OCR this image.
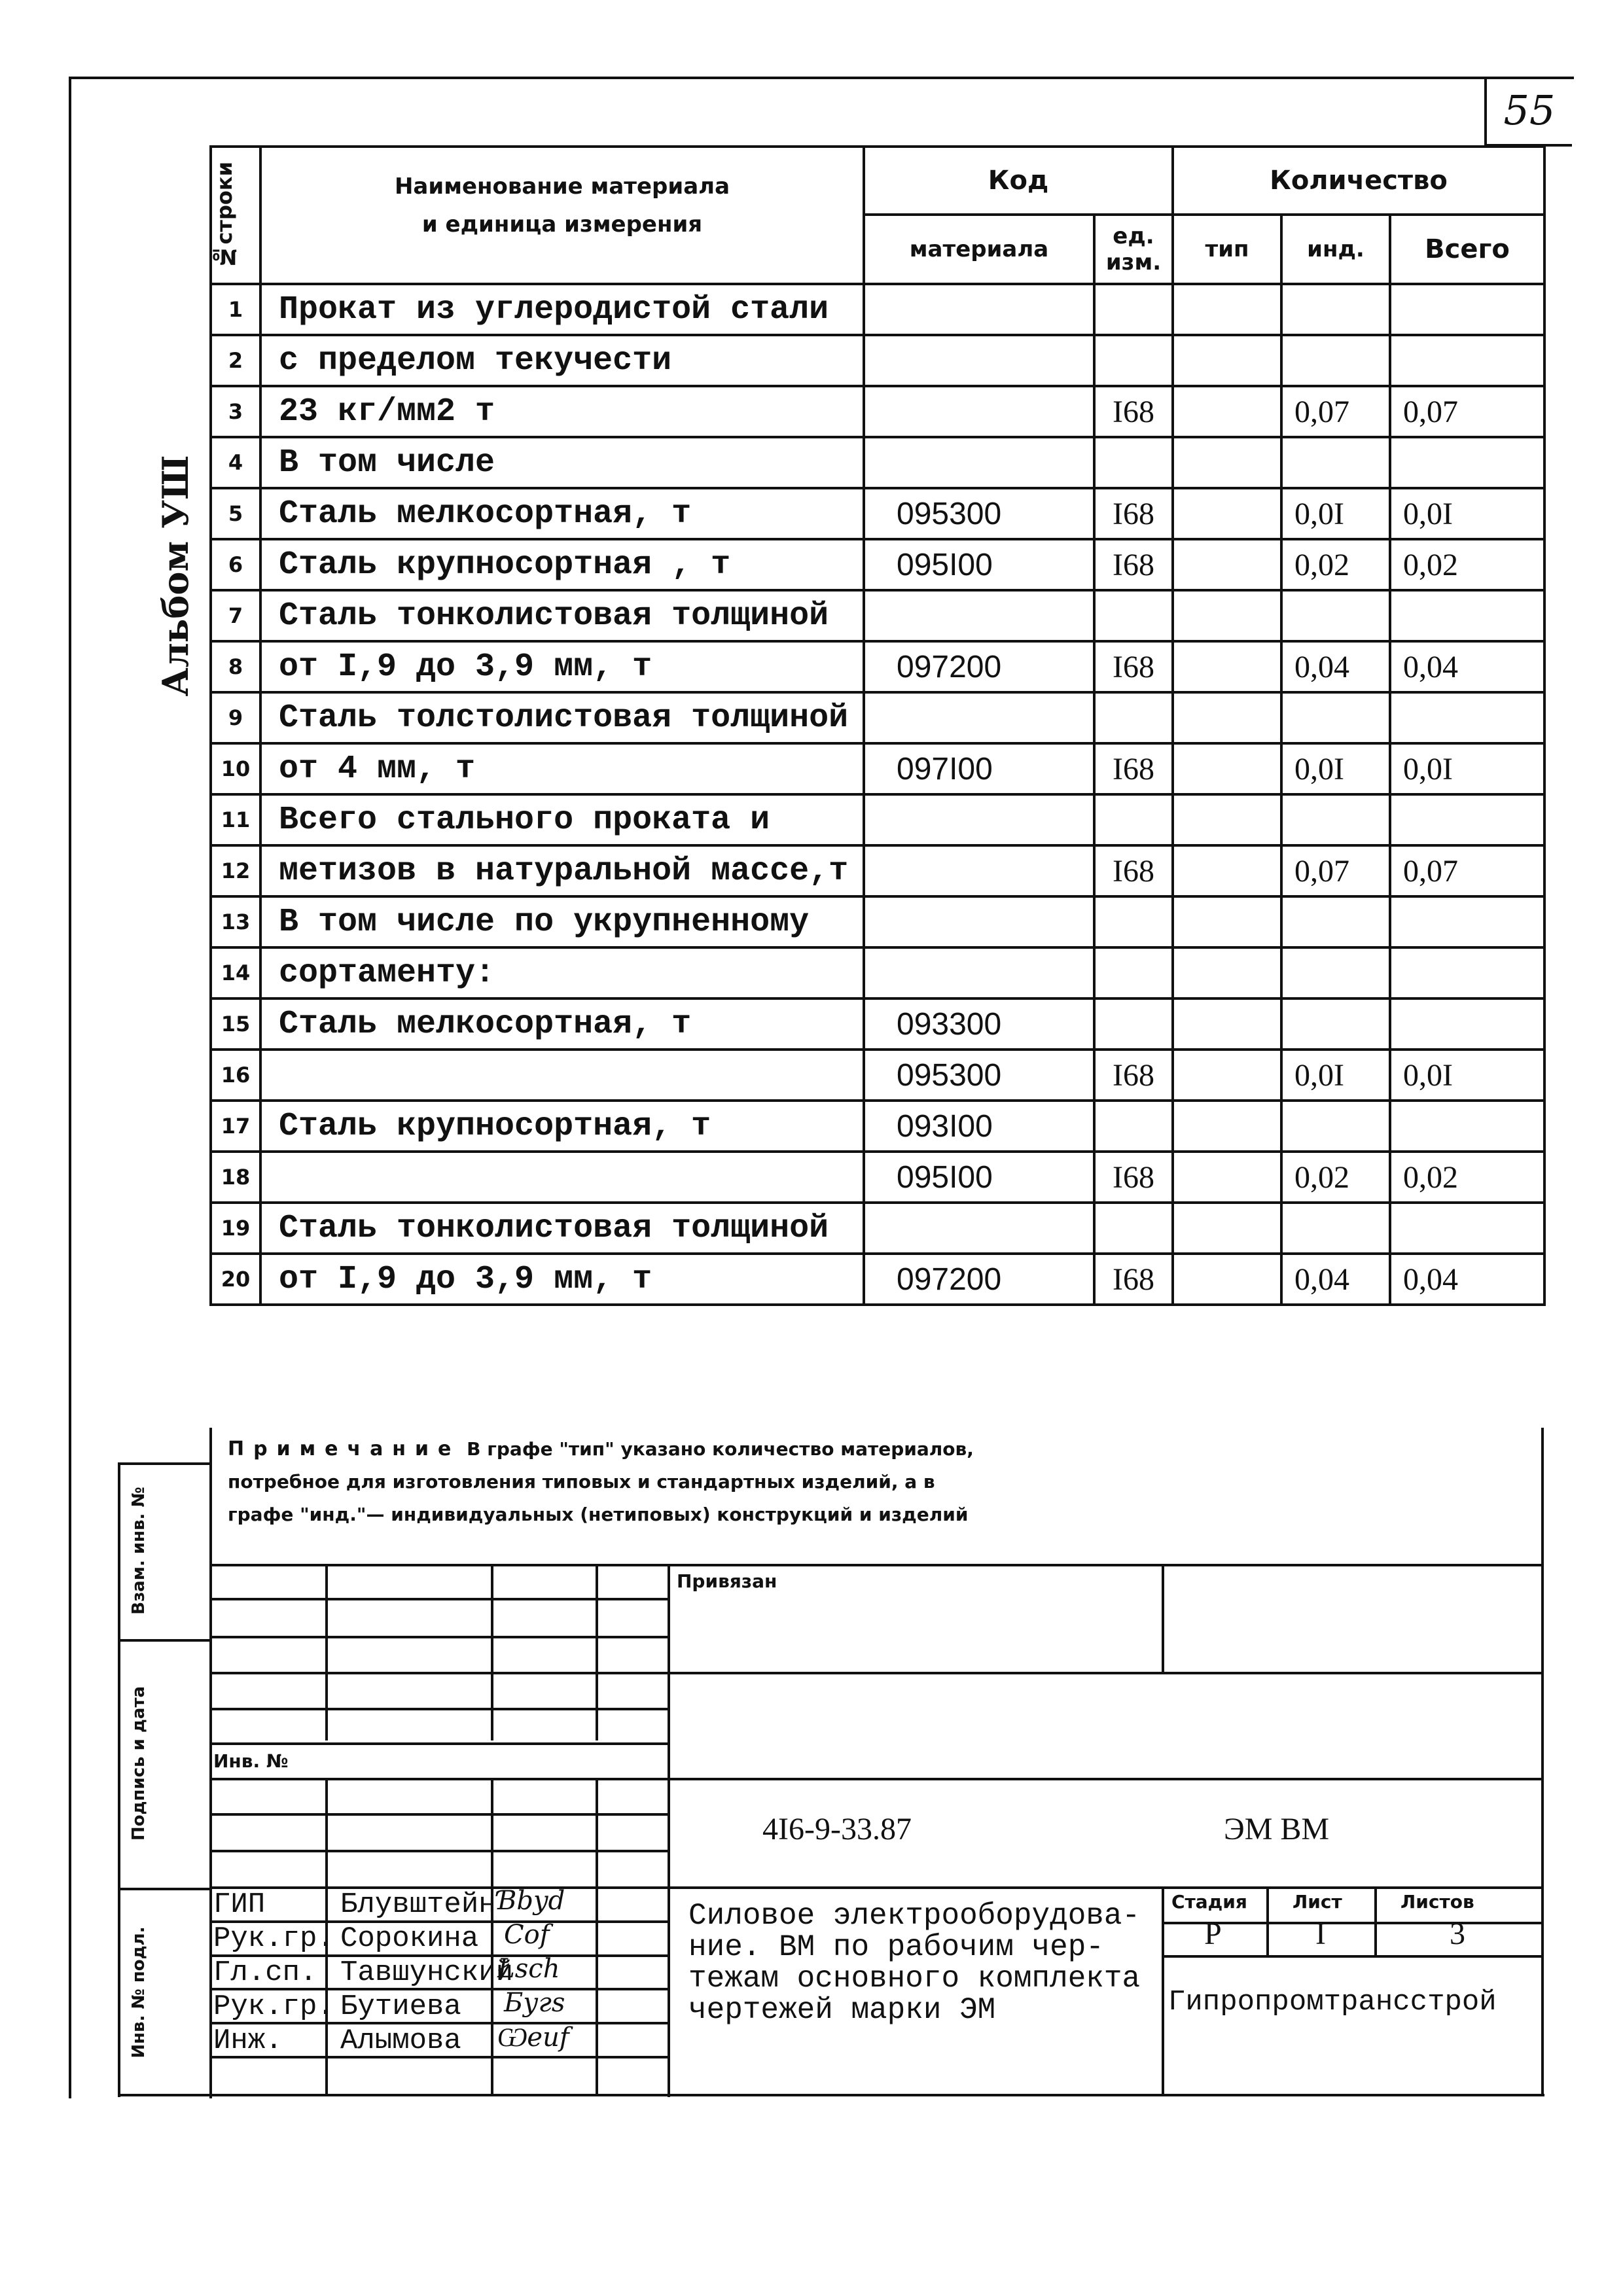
55
Альбом УШ
№строки	Наименование материала
и единица измерения	Код		Количество		
		материала	ед. изм.	тип	инд.	Всего
1	Прокат из углеродистой стали					
2	с пределом текучести					
3	23 кг/мм2 т		I68		0,07	0,07
4	В том числе					
5	Сталь мелкосортная, т	095300	I68		0,0I	0,0I
6	Сталь крупносортная , т	095I00	I68		0,02	0,02
7	Сталь тонколистовая толщиной					
8	от I,9 до 3,9 мм, т	097200	I68		0,04	0,04
9	Сталь толстолистовая толщиной					
10	от 4 мм, т	097I00	I68		0,0I	0,0I
11	Всего стального проката и					
12	метизов в натуральной массе,т		I68		0,07	0,07
13	В том числе по укрупненному					
14	сортаменту:					
15	Сталь мелкосортная, т	093300				
16		095300	I68		0,0I	0,0I
17	Сталь крупносортная, т	093I00				
18		095I00	I68		0,02	0,02
19	Сталь тонколистовая толщиной					
20	от I,9 до 3,9 мм, т	097200	I68		0,04	0,04
Примечание В графе "тип" указано количество материалов, потребное для изготовления типовых и стандартных изделий, а в графе "инд."— индивидуальных (нетиповых) конструкций и изделий
Взам. инв. №
Подпись и дата
Инв. № подл.
Привязан
Инв. №
4I6-9-33.87	ЭМ ВМ
Силовое электрооборудова-
ние. ВМ по рабочим чер-
тежам основного комплекта
чертежей марки ЭМ
Стадия Лист	Листов
Р	I	3
Гипропромтрансстрой
ГИП	Блувштейн Ɓbyd
Рук.гр. Сорокина Cof
Гл.сп. Тавшунский
Łsch
Рук.гр. Бутиева Бугs
Инж. Алымова Ѡeuf
